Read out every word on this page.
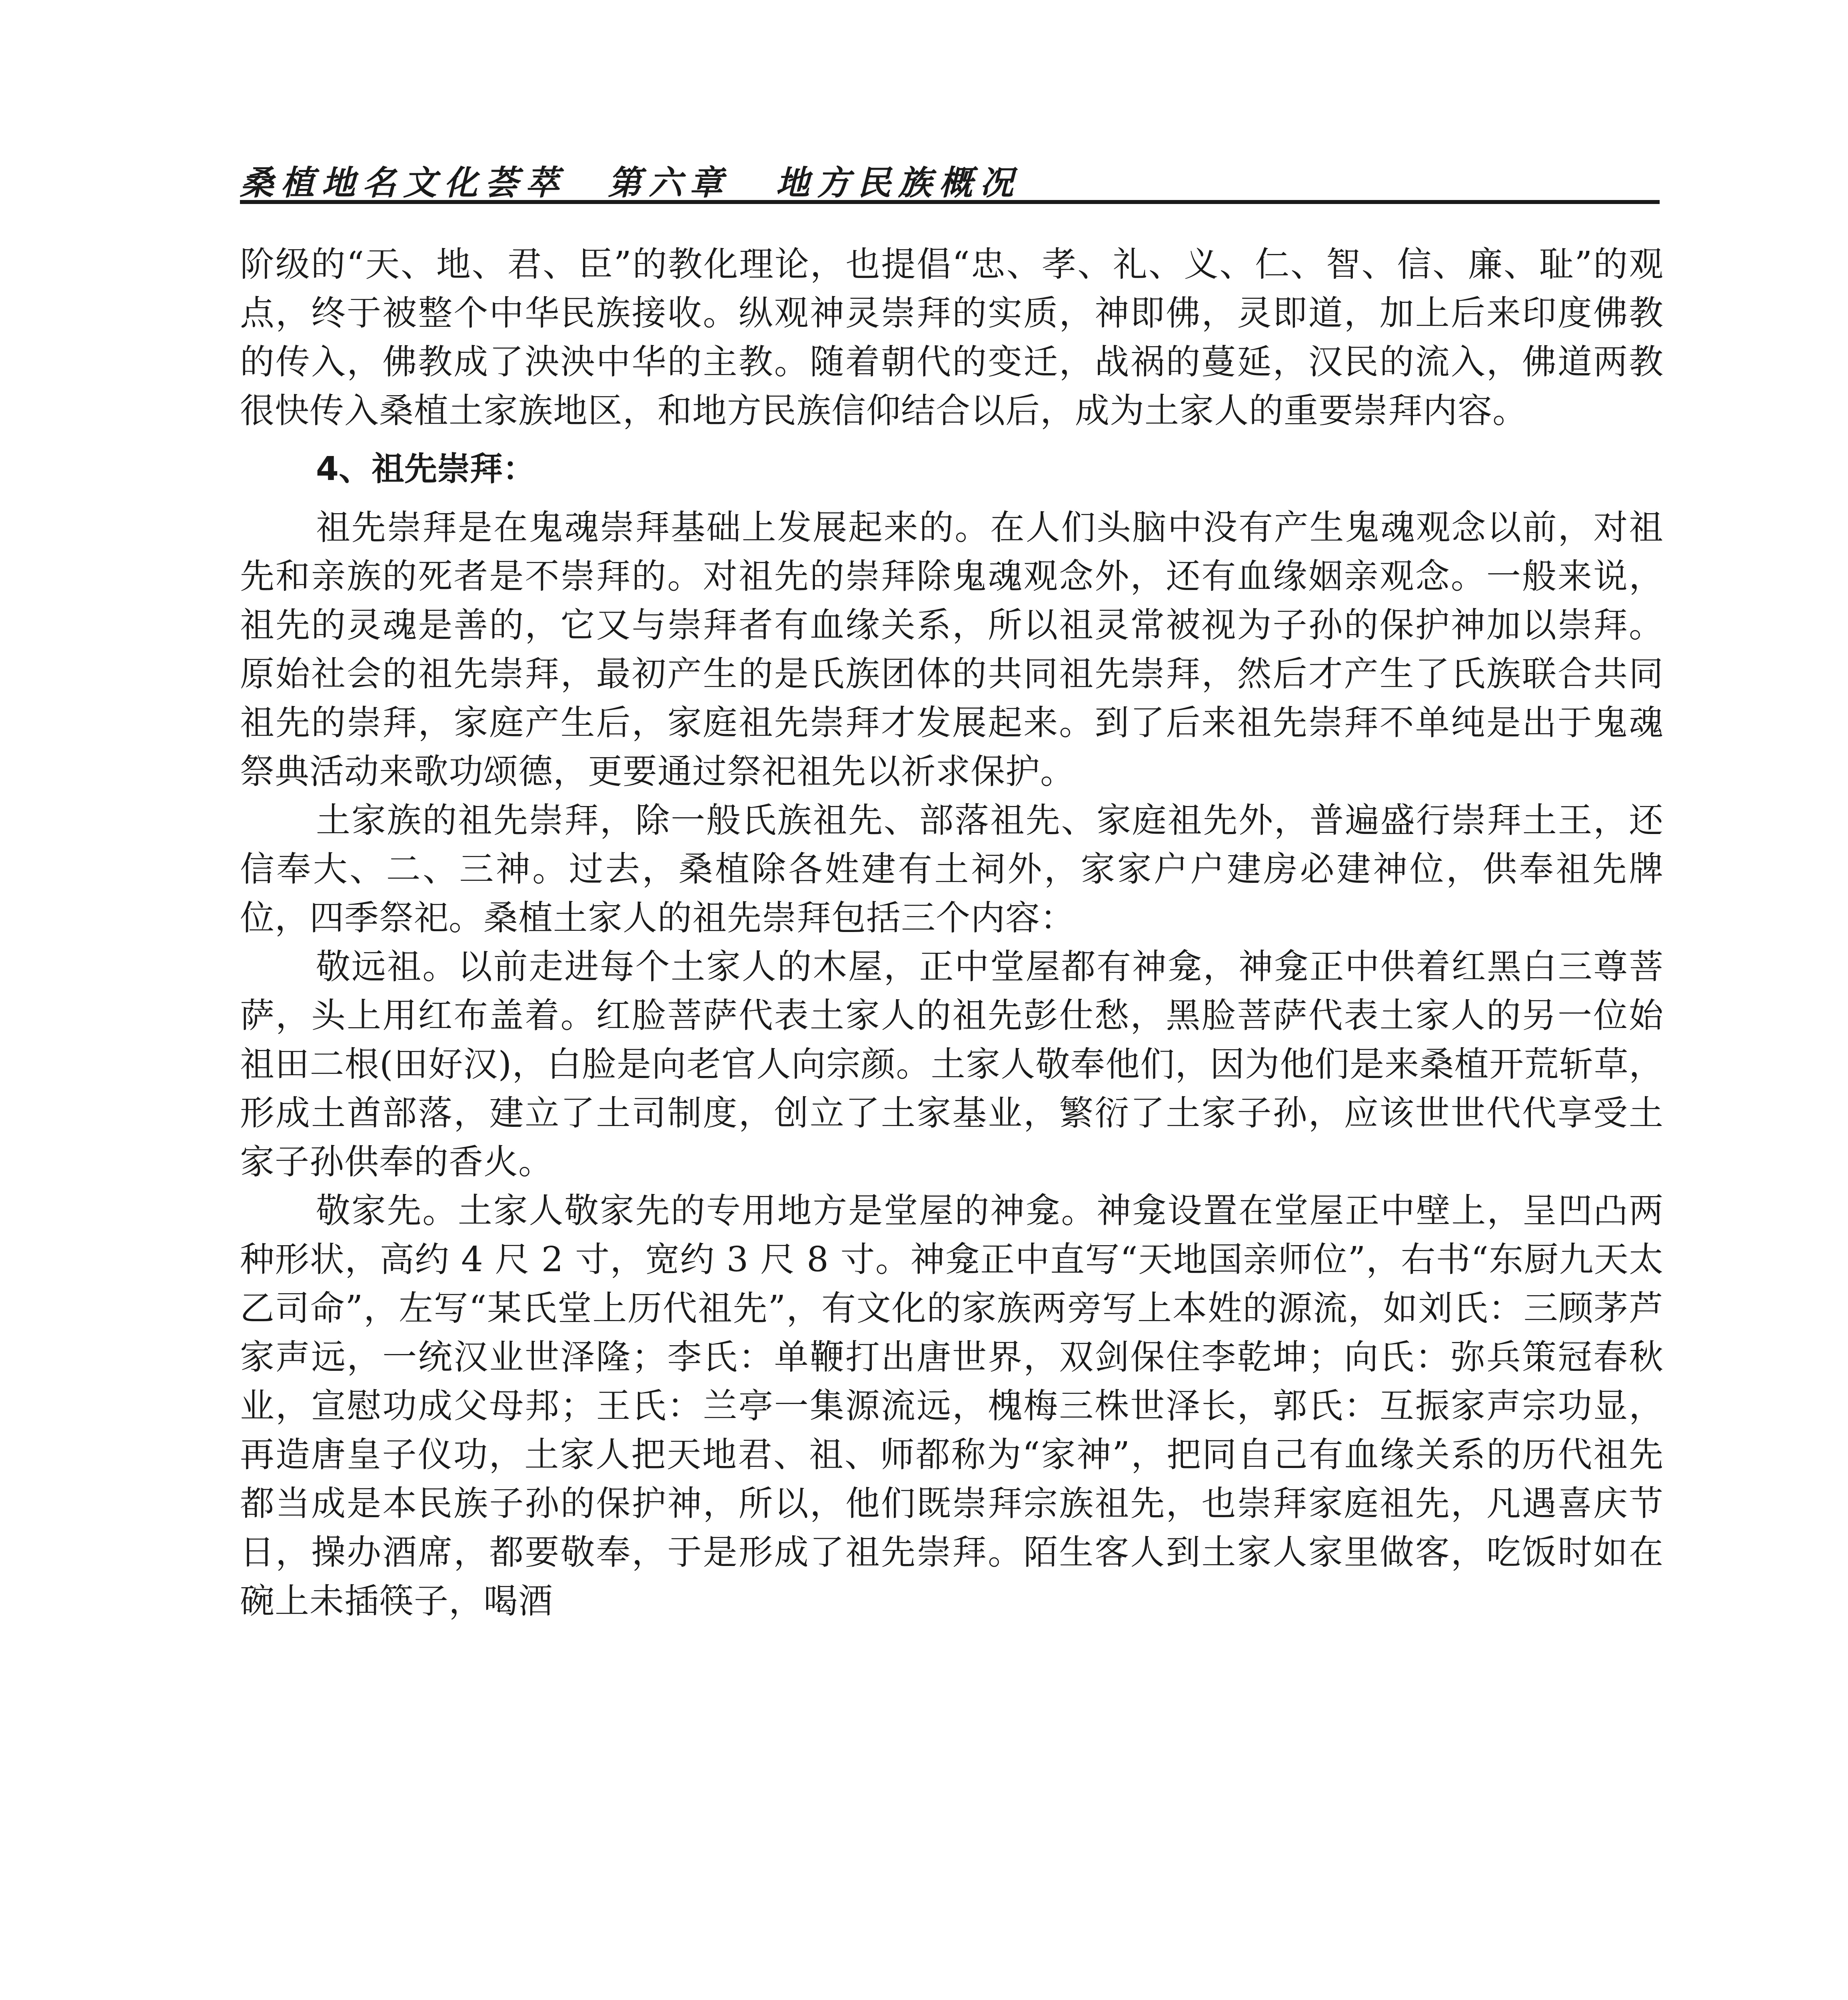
桑植地名文化荟萃 第六章 地方民族概况

阶级的“天、地、君、臣”的教化理论，也提倡“忠、孝、礼、义、仁、智、信、廉、耻”的观点，终于被整个中华民族接收。纵观神灵崇拜的实质，神即佛，灵即道，加上后来印度佛教的传入，佛教成了泱泱中华的主教。随着朝代的变迁，战祸的蔓延，汉民的流入，佛道两教很快传入桑植土家族地区，和地方民族信仰结合以后，成为土家人的重要崇拜内容。

4、祖先崇拜：

祖先崇拜是在鬼魂崇拜基础上发展起来的。在人们头脑中没有产生鬼魂观念以前，对祖先和亲族的死者是不崇拜的。对祖先的崇拜除鬼魂观念外，还有血缘姻亲观念。一般来说，祖先的灵魂是善的，它又与崇拜者有血缘关系，所以祖灵常被视为子孙的保护神加以崇拜。原始社会的祖先崇拜，最初产生的是氏族团体的共同祖先崇拜，然后才产生了氏族联合共同祖先的崇拜，家庭产生后，家庭祖先崇拜才发展起来。到了后来祖先崇拜不单纯是出于鬼魂祭典活动来歌功颂德，更要通过祭祀祖先以祈求保护。

土家族的祖先崇拜，除一般氏族祖先、部落祖先、家庭祖先外，普遍盛行崇拜土王，还信奉大、二、三神。过去，桑植除各姓建有土祠外，家家户户建房必建神位，供奉祖先牌位，四季祭祀。桑植土家人的祖先崇拜包括三个内容：

敬远祖。以前走进每个土家人的木屋，正中堂屋都有神龛，神龛正中供着红黑白三尊菩萨，头上用红布盖着。红脸菩萨代表土家人的祖先彭仕愁，黑脸菩萨代表土家人的另一位始祖田二根(田好汉)，白脸是向老官人向宗颜。土家人敬奉他们，因为他们是来桑植开荒斩草，形成土酋部落，建立了土司制度，创立了土家基业，繁衍了土家子孙，应该世世代代享受土家子孙供奉的香火。

敬家先。土家人敬家先的专用地方是堂屋的神龛。神龛设置在堂屋正中壁上，呈凹凸两种形状，高约 4 尺 2 寸，宽约 3 尺 8 寸。神龛正中直写“天地国亲师位”，右书“东厨九天太乙司命”，左写“某氏堂上历代祖先”，有文化的家族两旁写上本姓的源流，如刘氏：三顾茅芦家声远，一统汉业世泽隆；李氏：单鞭打出唐世界，双剑保住李乾坤；向氏：弥兵策冠春秋业，宣慰功成父母邦；王氏：兰亭一集源流远，槐梅三株世泽长，郭氏：互振家声宗功显，再造唐皇子仪功，土家人把天地君、祖、师都称为“家神”，把同自己有血缘关系的历代祖先都当成是本民族子孙的保护神，所以，他们既崇拜宗族祖先，也崇拜家庭祖先，凡遇喜庆节日，操办酒席，都要敬奉，于是形成了祖先崇拜。陌生客人到土家人家里做客，吃饭时如在碗上未插筷子，喝酒
